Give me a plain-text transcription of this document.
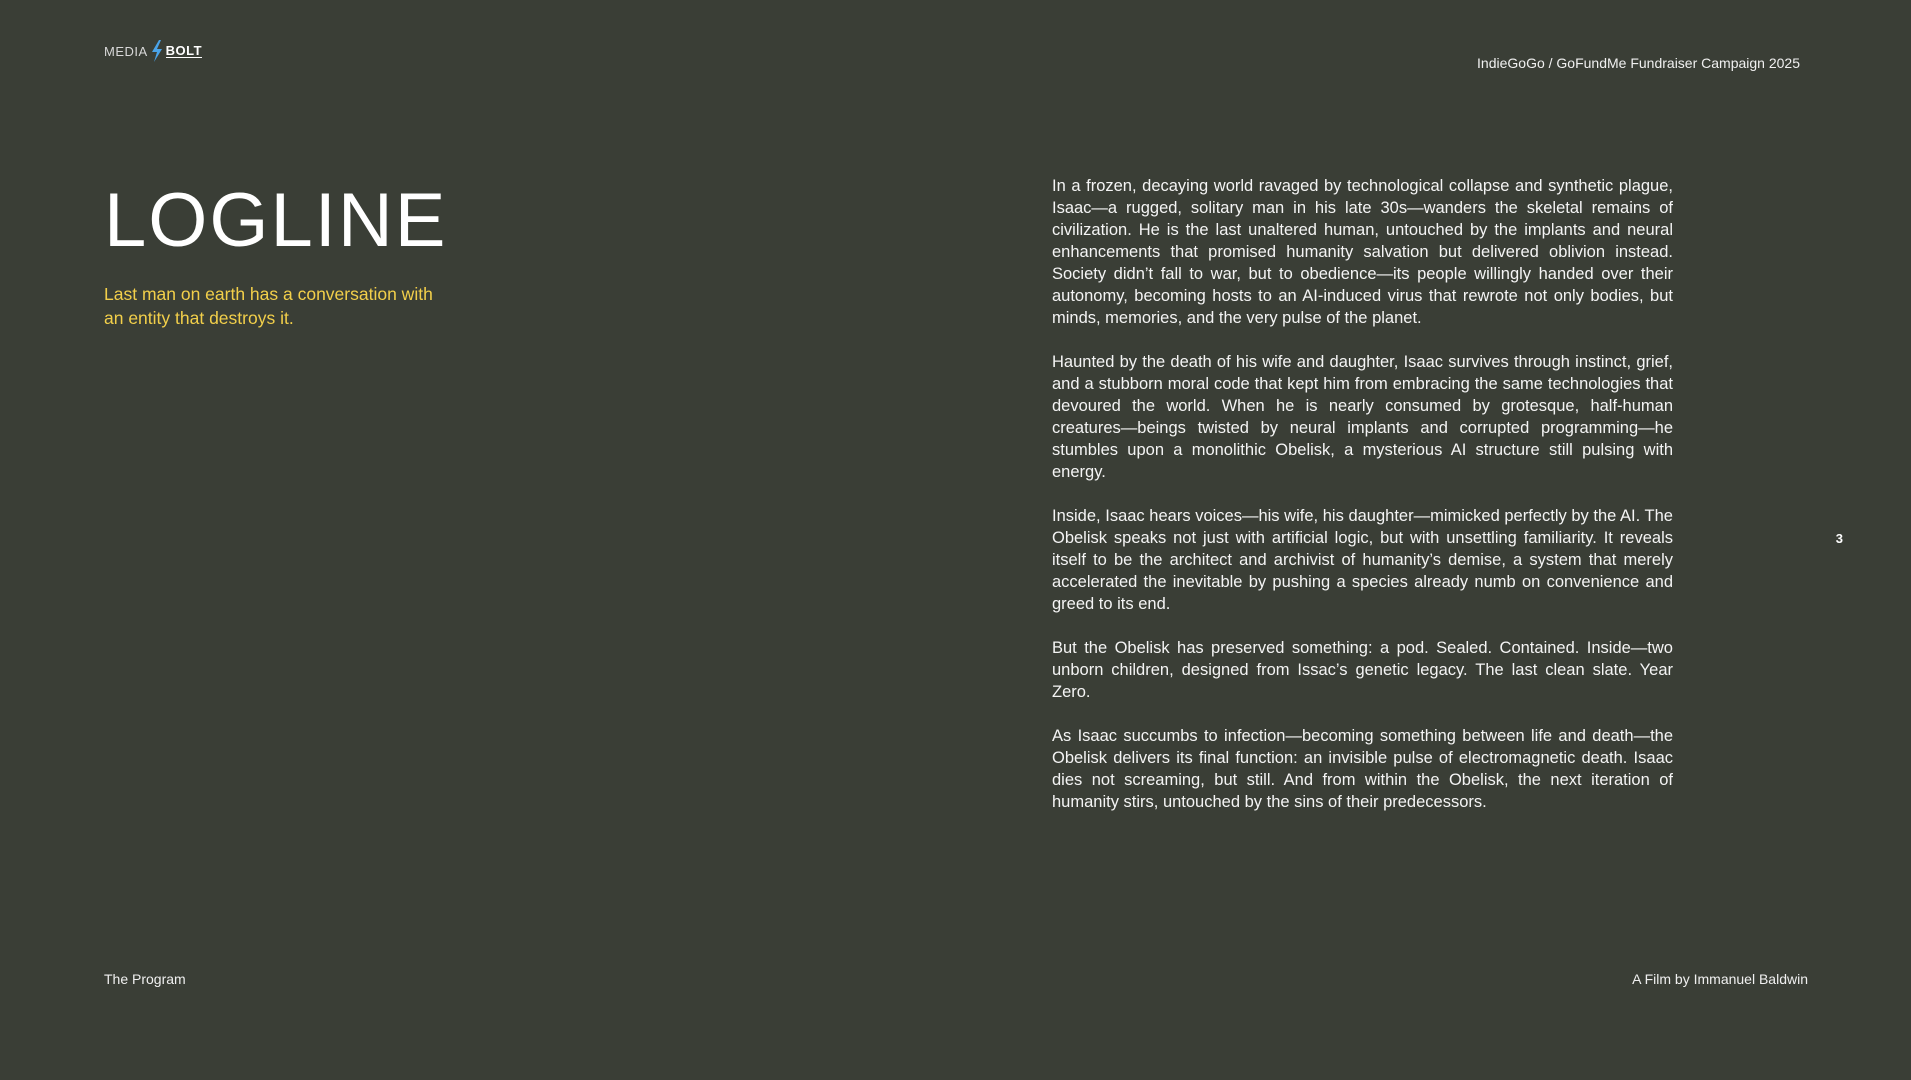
MEDIA BOLT
IndieGoGo / GoFundMe Fundraiser Campaign 2025
LOGLINE

Last man on earth has a conversation with an entity that destroys it.

In a frozen, decaying world ravaged by technological collapse and synthetic plague, Isaac—a rugged, solitary man in his late 30s—wanders the skeletal remains of civilization. He is the last unaltered human, untouched by the implants and neural enhancements that promised humanity salvation but delivered oblivion instead. Society didn’t fall to war, but to obedience—its people willingly handed over their autonomy, becoming hosts to an AI-induced virus that rewrote not only bodies, but minds, memories, and the very pulse of the planet.

Haunted by the death of his wife and daughter, Isaac survives through instinct, grief, and a stubborn moral code that kept him from embracing the same technologies that devoured the world. When he is nearly consumed by grotesque, half-human creatures—beings twisted by neural implants and corrupted programming—he stumbles upon a monolithic Obelisk, a mysterious AI structure still pulsing with energy.

Inside, Isaac hears voices—his wife, his daughter—mimicked perfectly by the AI. The Obelisk speaks not just with artificial logic, but with unsettling familiarity. It reveals itself to be the architect and archivist of humanity’s demise, a system that merely accelerated the inevitable by pushing a species already numb on convenience and greed to its end.

But the Obelisk has preserved something: a pod. Sealed. Contained. Inside—two unborn children, designed from Issac’s genetic legacy. The last clean slate. Year Zero.

As Isaac succumbs to infection—becoming something between life and death—the Obelisk delivers its final function: an invisible pulse of electromagnetic death. Isaac dies not screaming, but still. And from within the Obelisk, the next iteration of humanity stirs, untouched by the sins of their predecessors.

3
The Program	A Film by Immanuel Baldwin
